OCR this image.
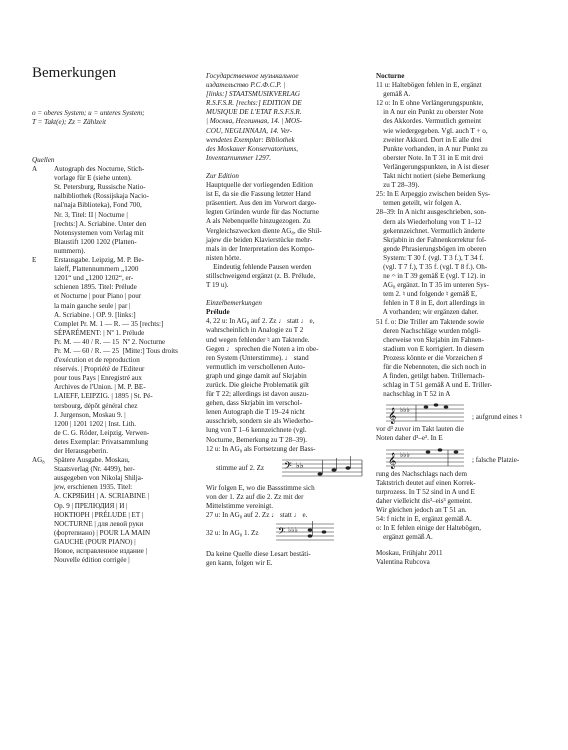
Bemerkungen
o = oberes System; u = unteres System;
T = Takt(e); Zz = Zählzeit
Quellen
A	Autograph des Nocturne, Stich-
vorlage für E (siehe unten).
St. Petersburg, Russische Natio-
nalbibliothek (Rossijskaja Nacio-
nal'naja Biblioteka), Fond 700,
Nr. 3, Titel: II | Nocturne |
[rechts:] A. Scriabine. Unter den
Notensystemen vom Verlag mit
Blaustift 1200 1202 (Platten-
nummern).
E	Erstausgabe. Leipzig, M. P. Be-
laieff, Plattennummern „1200
1201“ und „1200 1202“, er-
schienen 1895. Titel: Prélude
et Nocturne | pour Piano | pour
la main gauche seule | par |
A. Scriabine. | OP. 9. [links:]
Complet Pr. M. 1 — R. — 35 [rechts:]
SÉPARÉMENT: | Nº 1. Prélude
Pr. M. — 40 / R. — 15  Nº 2. Nocturne
Pr. M. — 60 / R. — 25  [Mitte:] Tous droits
d'exécution et de reproduction
réservés. | Propriété de l'Editeur
pour tous Pays | Enregistré aux
Archives de l'Union. | M. P. BE-
LAIEFF, LEIPZIG. | 1895 | St. Pé-
tersbourg, dépôt général chez
J. Jurgenson, Moskau 9. |
1200 | 1201 1202 | Inst. Lith.
de C. G. Röder, Leipzig. Verwen-
detes Exemplar: Privatsammlung
der Herausgeberin.
AG₈	Spätere Ausgabe. Moskau,
Staatsverlag (Nr. 4499), her-
ausgegeben von Nikolaj Shilja-
jew, erschienen 1935. Titel:
А. СКРЯБИН | A. SCRIABINE |
Op. 9 | ПРЕЛЮДИЯ | И |
НОКТЮРН | PRÉLUDE | ET |
NOCTURNE | для левой руки
(фортепиано) | POUR LA MAIN
GAUCHE (POUR PIANO) |
Новое, исправленное издание |
Nouvelle édition corrigée |
Государственное музыкальное
издательство Р.С.Ф.С.Р. |
[links:] STAATSMUSIKVERLAG
R.S.F.S.R. [rechts:] EDITION DE
MUSIQUE DE L'ETAT R.S.F.S.R.
| Москва, Неглинная, 14. | MOS-
COU, NEGLINNAJA, 14. Ver-
wendetes Exemplar: Bibliothek
des Moskauer Konservatoriums,
Inventarnummer 1297.
Zur Edition
Hauptquelle der vorliegenden Edition
ist E, da sie die Fassung letzter Hand
präsentiert. Aus den im Vorwort darge-
legten Gründen wurde für das Nocturne
A als Nebenquelle hinzugezogen. Zu
Vergleichszwecken diente AG₈, die Shil-
jajew die beiden Klavierstücke mehr-
mals in der Interpretation des Kompo-
nisten hörte.
Eindeutig fehlende Pausen werden
stillschweigend ergänzt (z. B. Prélude,
T 19 u).
Einzelbemerkungen
Prélude
4, 22 u: In AG₈ auf 2. Zz ♩ statt ♩ e,
wahrscheinlich in Analogie zu T 2
und wegen fehlender ♮ am Taktende.
Gegen ♩ sprechen die Noten a im obe-
ren System (Unterstimme). ♩ stand
vermutlich im verschollenen Auto-
graph und ginge damit auf Skrjabin
zurück. Die gleiche Problematik gilt
für T 22; allerdings ist davon auszu-
gehen, dass Skrjabin im verschol-
lenen Autograph die T 19–24 nicht
ausschrieb, sondern sie als Wiederho-
lung von T 1–6 kennzeichnete (vgl.
Nocturne, Bemerkung zu T 28–39).
12 u: In AG₈ als Fortsetzung der Bass-
stimme auf 2. Zz 𝄢 ♭♭
Wir folgen E, wo die Bassstimme sich
von der 1. Zz auf die 2. Zz mit der
Mittelstimme vereinigt.
27 u: In AG₈ auf 2. Zz ♩ statt ♩ e.
32 u: In AG₈ 1. Zz	𝄢 ♭♭♭
Da keine Quelle diese Lesart bestäti-
gen kann, folgen wir E.
Nocturne
11 u: Haltebögen fehlen in E, ergänzt
gemäß A.
12 o: In E ohne Verlängerungspunkte,
in A nur ein Punkt zu oberster Note
des Akkordes. Vermutlich gemeint
wie wiedergegeben. Vgl. auch T + o,
zweiter Akkord. Dort in E alle drei
Punkte vorhanden, in A nur Punkt zu
oberster Note. In T 31 in E mit drei
Verlängerungspunkten, in A ist dieser
Takt nicht notiert (siehe Bemerkung
zu T 28–39).
25: In E Arpeggio zwischen beiden Sys-
temen geteilt, wir folgen A.
28–39: In A nicht ausgeschrieben, son-
dern als Wiederholung von T 1–12
gekennzeichnet. Vermutlich änderte
Skrjabin in der Fahnenkorrektur fol-
gende Phrasierungsbögen im oberen
System: T 30 f. (vgl. T 3 f.), T 34 f.
(vgl. T 7 f.), T 35 f. (vgl. T 8 f.). Oh-
ne 𝄐 in T 39 gemäß E (vgl. T 12). in
AG₈ ergänzt. In T 35 im unteren Sys-
tem 2. ♮ und folgende ♮ gemäß E,
fehlen in T 8 in E, dort allerdings in
A vorhanden; wir ergänzen daher.
51 f. o: Die Triller am Taktende sowie
deren Nachschläge wurden mögli-
cherweise von Skrjabin im Fahnen-
stadium von E korrigiert. In diesem
Prozess könnte er die Vorzeichen ♯
für die Nebennoten, die sich noch in
A finden, getilgt haben. Trillernach-
schlag in T 51 gemäß A und E. Triller-
nachschlag in T 52 in A
𝄞 ♭♭♭
; aufgrund eines ♮
vor d³ zuvor im Takt lauten die
Noten daher d³–e³. In E
𝄞 ♭♭♭
; falsche Platzie-
rung des Nachschlags nach dem
Taktstrich deutet auf einen Korrek-
turprozess. In T 52 sind in A und E
daher vielleicht dis³–eis³ gemeint.
Wir gleichen jedoch an T 51 an.
54: f nicht in E, ergänzt gemäß A.
o: In E fehlen einige der Haltebögen,
ergänzt gemäß A.
Moskau, Frühjahr 2011
Valentina Rubcova
